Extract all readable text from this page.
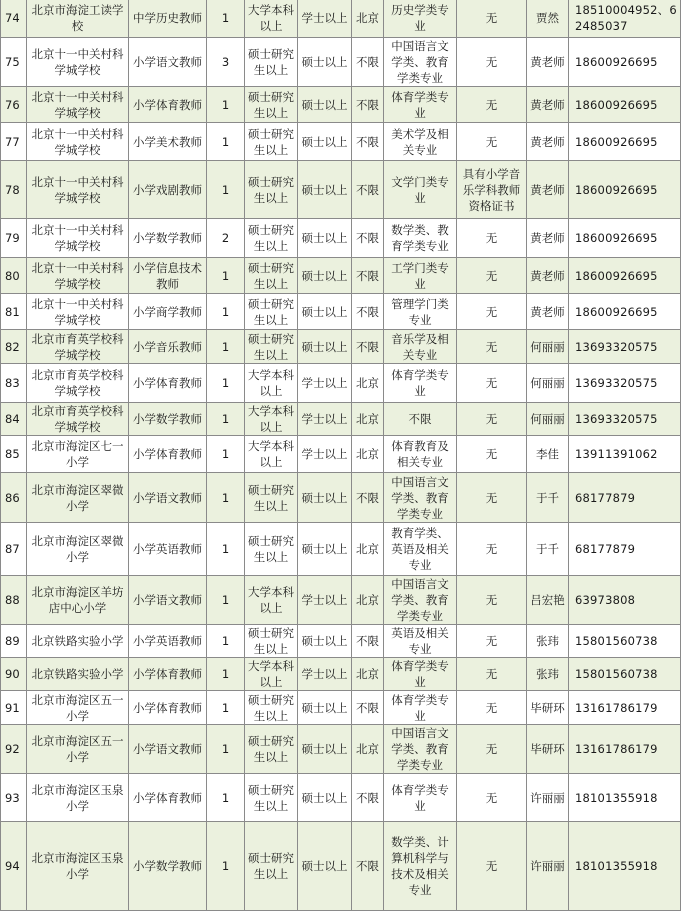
74	北京市海淀工读学校	中学历史教师	1	大学本科以上	学士以上	北京	历史学类专业	无	贾然	18510004952、62485037
75	北京十一中关村科学城学校	小学语文教师	3	硕士研究生以上	硕士以上	不限	中国语言文学类、教育学类专业	无	黄老师	18600926695
76	北京十一中关村科学城学校	小学体育教师	1	硕士研究生以上	硕士以上	不限	体育学类专业	无	黄老师	18600926695
77	北京十一中关村科学城学校	小学美术教师	1	硕士研究生以上	硕士以上	不限	美术学及相关专业	无	黄老师	18600926695
78	北京十一中关村科学城学校	小学戏剧教师	1	硕士研究生以上	硕士以上	不限	文学门类专业	具有小学音乐学科教师资格证书	黄老师	18600926695
79	北京十一中关村科学城学校	小学数学教师	2	硕士研究生以上	硕士以上	不限	数学类、教育学类专业	无	黄老师	18600926695
80	北京十一中关村科学城学校	小学信息技术教师	1	硕士研究生以上	硕士以上	不限	工学门类专业	无	黄老师	18600926695
81	北京十一中关村科学城学校	小学商学教师	1	硕士研究生以上	硕士以上	不限	管理学门类专业	无	黄老师	18600926695
82	北京市育英学校科学城学校	小学音乐教师	1	硕士研究生以上	硕士以上	不限	音乐学及相关专业	无	何丽丽	13693320575
83	北京市育英学校科学城学校	小学体育教师	1	大学本科以上	学士以上	北京	体育学类专业	无	何丽丽	13693320575
84	北京市育英学校科学城学校	小学数学教师	1	大学本科以上	学士以上	北京	不限	无	何丽丽	13693320575
85	北京市海淀区七一小学	小学体育教师	1	大学本科以上	学士以上	北京	体育教育及相关专业	无	李佳	13911391062
86	北京市海淀区翠微小学	小学语文教师	1	硕士研究生以上	硕士以上	不限	中国语言文学类、教育学类专业	无	于千	68177879
87	北京市海淀区翠微小学	小学英语教师	1	硕士研究生以上	硕士以上	北京	教育学类、英语及相关专业	无	于千	68177879
88	北京市海淀区羊坊店中心小学	小学语文教师	1	大学本科以上	学士以上	北京	中国语言文学类、教育学类专业	无	吕宏艳	63973808
89	北京铁路实验小学	小学英语教师	1	硕士研究生以上	硕士以上	不限	英语及相关专业	无	张玮	15801560738
90	北京铁路实验小学	小学体育教师	1	大学本科以上	学士以上	北京	体育学类专业	无	张玮	15801560738
91	北京市海淀区五一小学	小学体育教师	1	硕士研究生以上	硕士以上	不限	体育学类专业	无	毕研环	13161786179
92	北京市海淀区五一小学	小学语文教师	1	硕士研究生以上	硕士以上	北京	中国语言文学类、教育学类专业	无	毕研环	13161786179
93	北京市海淀区玉泉小学	小学体育教师	1	硕士研究生以上	硕士以上	不限	体育学类专业	无	许丽丽	18101355918
94	北京市海淀区玉泉小学	小学数学教师	1	硕士研究生以上	硕士以上	不限	数学类、计算机科学与技术及相关专业	无	许丽丽	18101355918
